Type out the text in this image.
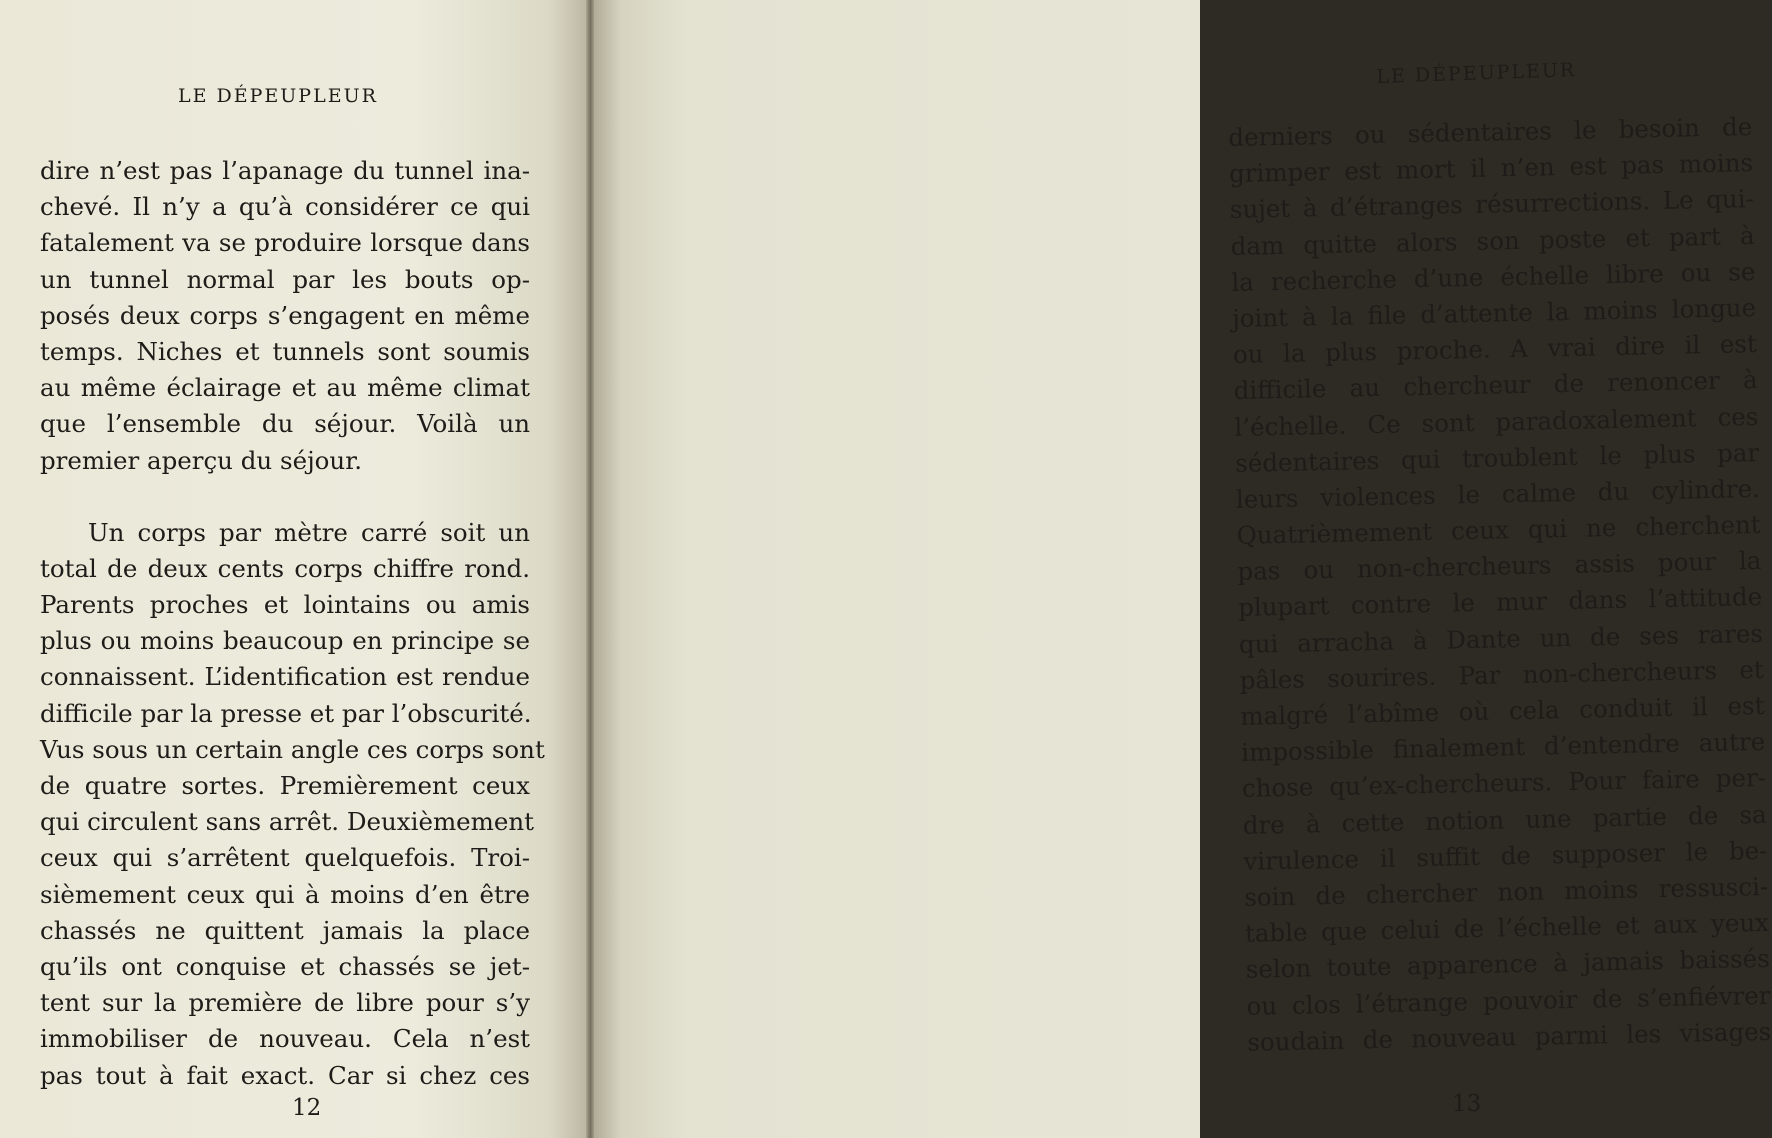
LE DÉPEUPLEUR
dire n’est pas l’apanage du tunnel ina-
chevé. Il n’y a qu’à considérer ce qui
fatalement va se produire lorsque dans
un tunnel normal par les bouts op-
posés deux corps s’engagent en même
temps. Niches et tunnels sont soumis
au même éclairage et au même climat
que l’ensemble du séjour. Voilà un
premier aperçu du séjour.
Un corps par mètre carré soit un
total de deux cents corps chiffre rond.
Parents proches et lointains ou amis
plus ou moins beaucoup en principe se
connaissent. L’identification est rendue
difficile par la presse et par l’obscurité.
Vus sous un certain angle ces corps sont
de quatre sortes. Premièrement ceux
qui circulent sans arrêt. Deuxièmement
ceux qui s’arrêtent quelquefois. Troi-
sièmement ceux qui à moins d’en être
chassés ne quittent jamais la place
qu’ils ont conquise et chassés se jet-
tent sur la première de libre pour s’y
immobiliser de nouveau. Cela n’est
pas tout à fait exact. Car si chez ces
12
LE DÉPEUPLEUR
derniers ou sédentaires le besoin de
grimper est mort il n’en est pas moins
sujet à d’étranges résurrections. Le qui-
dam quitte alors son poste et part à
la recherche d’une échelle libre ou se
joint à la file d’attente la moins longue
ou la plus proche. A vrai dire il est
difficile au chercheur de renoncer à
l’échelle. Ce sont paradoxalement ces
sédentaires qui troublent le plus par
leurs violences le calme du cylindre.
Quatrièmement ceux qui ne cherchent
pas ou non-chercheurs assis pour la
plupart contre le mur dans l’attitude
qui arracha à Dante un de ses rares
pâles sourires. Par non-chercheurs et
malgré l’abîme où cela conduit il est
impossible finalement d’entendre autre
chose qu’ex-chercheurs. Pour faire per-
dre à cette notion une partie de sa
virulence il suffit de supposer le be-
soin de chercher non moins ressusci-
table que celui de l’échelle et aux yeux
selon toute apparence à jamais baissés
ou clos l’étrange pouvoir de s’enfiévrer
soudain de nouveau parmi les visages
13
